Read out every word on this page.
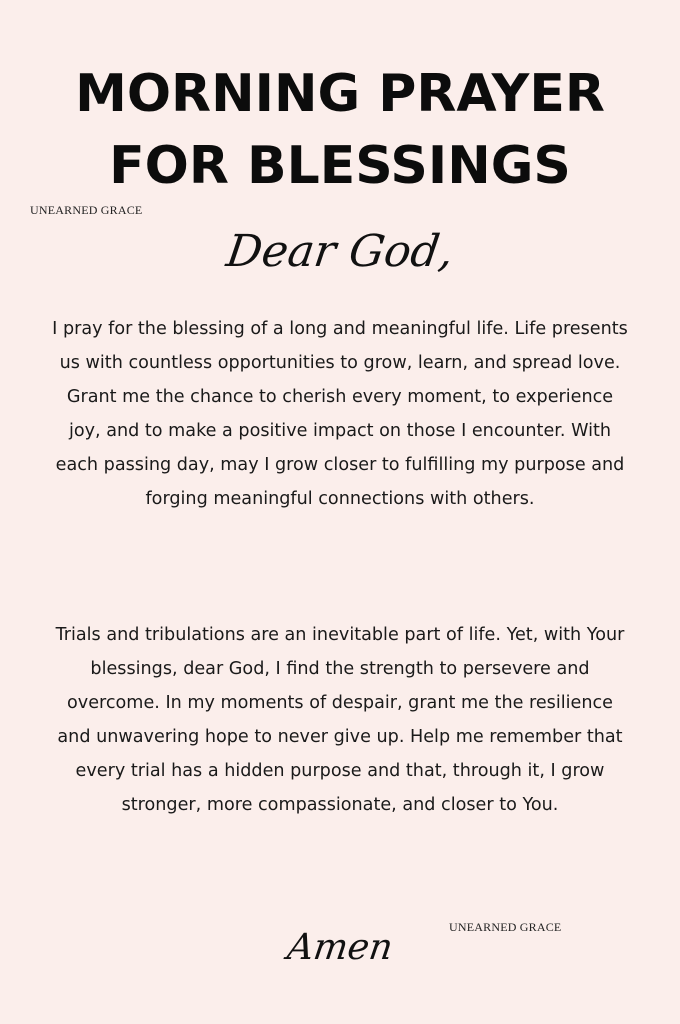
MORNING PRAYER
FOR BLESSINGS
UNEARNED GRACE
Dear God,

I pray for the blessing of a long and meaningful life. Life presents us with countless opportunities to grow, learn, and spread love. Grant me the chance to cherish every moment, to experience joy, and to make a positive impact on those I encounter. With each passing day, may I grow closer to fulfilling my purpose and forging meaningful connections with others.

Trials and tribulations are an inevitable part of life. Yet, with Your blessings, dear God, I find the strength to persevere and overcome. In my moments of despair, grant me the resilience and unwavering hope to never give up. Help me remember that every trial has a hidden purpose and that, through it, I grow stronger, more compassionate, and closer to You.

Amen	UNEARNED GRACE
